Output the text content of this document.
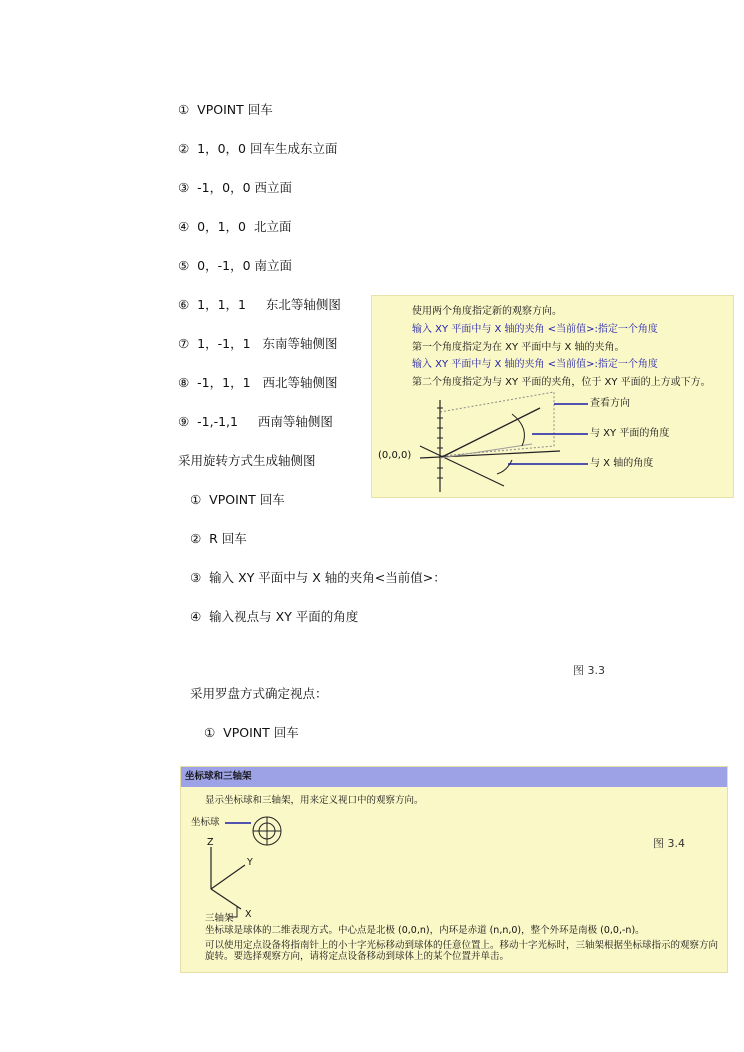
①  VPOINT 回车
②  1，0，0 回车生成东立面
③  -1，0，0 西立面
④  0，1，0  北立面
⑤  0，-1，0 南立面
⑥  1，1，1     东北等轴侧图
⑦  1，-1，1   东南等轴侧图
⑧  -1，1，1   西北等轴侧图
⑨  -1,-1,1     西南等轴侧图
采用旋转方式生成轴侧图
①  VPOINT 回车
②  R 回车
③  输入 XY 平面中与 X 轴的夹角<当前值>：
④  输入视点与 XY 平面的角度
使用两个角度指定新的观察方向。
输入 XY 平面中与 X 轴的夹角 <当前值>:指定一个角度
第一个角度指定为在 XY 平面中与 X 轴的夹角。
输入 XY 平面中与 X 轴的夹角 <当前值>:指定一个角度
第二个角度指定为与 XY 平面的夹角，位于 XY 平面的上方或下方。
查看方向
与 XY 平面的角度
与 X 轴的角度
(0,0,0)
图 3.3
采用罗盘方式确定视点：
①  VPOINT 回车
坐标球和三轴架
显示坐标球和三轴架，用来定义视口中的观察方向。
坐标球
三轴架
Z
Y
X
图 3.4
坐标球是球体的二维表现方式。中心点是北极 (0,0,n)，内环是赤道 (n,n,0)，整个外环是南极 (0,0,-n)。
可以使用定点设备将指南针上的小十字光标移动到球体的任意位置上。移动十字光标时，三轴架根据坐标球指示的观察方向
旋转。要选择观察方向，请将定点设备移动到球体上的某个位置并单击。
